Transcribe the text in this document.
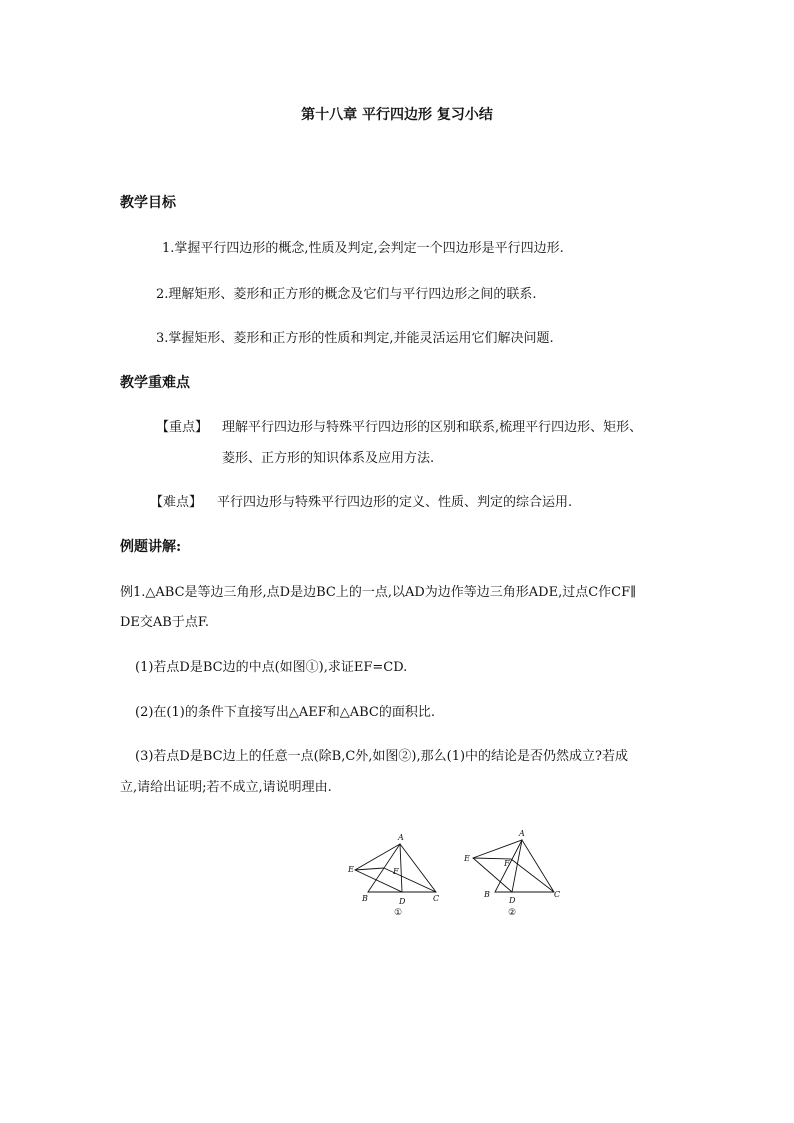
第十八章 平行四边形 复习小结
教学目标
1.掌握平行四边形的概念,性质及判定,会判定一个四边形是平行四边形.
2.理解矩形、菱形和正方形的概念及它们与平行四边形之间的联系.
3.掌握矩形、菱形和正方形的性质和判定,并能灵活运用它们解决问题.
教学重难点
【重点】 理解平行四边形与特殊平行四边形的区别和联系,梳理平行四边形、矩形、
菱形、正方形的知识体系及应用方法.
【难点】 平行四边形与特殊平行四边形的定义、性质、判定的综合运用.
例题讲解:
例1.△ABC是等边三角形,点D是边BC上的一点,以AD为边作等边三角形ADE,过点C作CF∥
DE交AB于点F.
(1)若点D是BC边的中点(如图①),求证EF=CD.
(2)在(1)的条件下直接写出△AEF和△ABC的面积比.
(3)若点D是BC边上的任意一点(除B,C外,如图②),那么(1)中的结论是否仍然成立?若成
立,请给出证明;若不成立,请说明理由.
A
B	C
D
E	F
①
A
B	C
D
E
F
②
